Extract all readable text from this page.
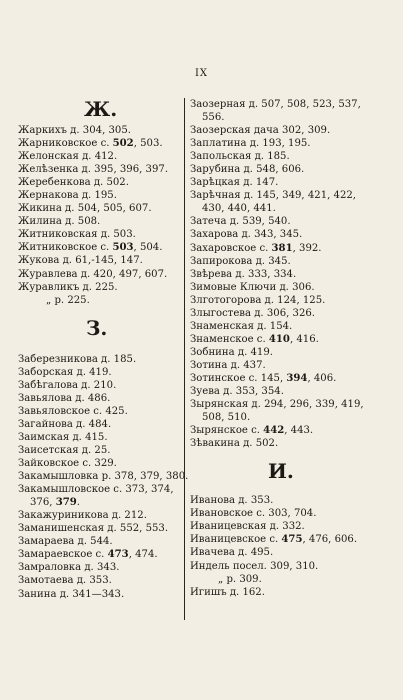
IX
Ж.
Жаркихъ д. 304, 305.
Жарниковское с. 502, 503.
Желонская д. 412.
Желѣзенка д. 395, 396, 397.
Жеребенкова д. 502.
Жернакова д. 195.
Жикина д. 504, 505, 607.
Жилина д. 508.
Житниковская д. 503.
Житниковское с. 503, 504.
Жукова д. 61,-145, 147.
Журавлева д. 420, 497, 607.
Журавликъ д. 225.
„ р. 225.
З.
Заберезникова д. 185.
Заборская д. 419.
Забѣгалова д. 210.
Завьялова д. 486.
Завьяловское с. 425.
Загайнова д. 484.
Заимская д. 415.
Заисетская д. 25.
Зайковское с. 329.
Закамышловка р. 378, 379, 380.
Закамышловское с. 373, 374,
376, 379.
Закажуриникова д. 212.
Заманишенская д. 552, 553.
Замараева д. 544.
Замараевское с. 473, 474.
Замраловка д. 343.
Замотаева д. 353.
Занина д. 341—343.
Заозерная д. 507, 508, 523, 537,
556.
Заозерская дача 302, 309.
Заплатина д. 193, 195.
Запольская д. 185.
Зарубина д. 548, 606.
Зарѣцкая д. 147.
Зарѣчная д. 145, 349, 421, 422,
430, 440, 441.
Затеча д. 539, 540.
Захарова д. 343, 345.
Захаровское с. 381, 392.
Запирокова д. 345.
Звѣрева д. 333, 334.
Зимовые Ключи д. 306.
Злготогорова д. 124, 125.
Злыгостева д. 306, 326.
Знаменская д. 154.
Знаменское с. 410, 416.
Зобнина д. 419.
Зотина д. 437.
Зотинское с. 145, 394, 406.
Зуева д. 353, 354.
Зырянская д. 294, 296, 339, 419,
508, 510.
Зырянское с. 442, 443.
Зѣвакина д. 502.
И.
Иванова д. 353.
Ивановское с. 303, 704.
Иваницевская д. 332.
Иваницевское с. 475, 476, 606.
Ивачева д. 495.
Индель посел. 309, 310.
„ р. 309.
Игишъ д. 162.
